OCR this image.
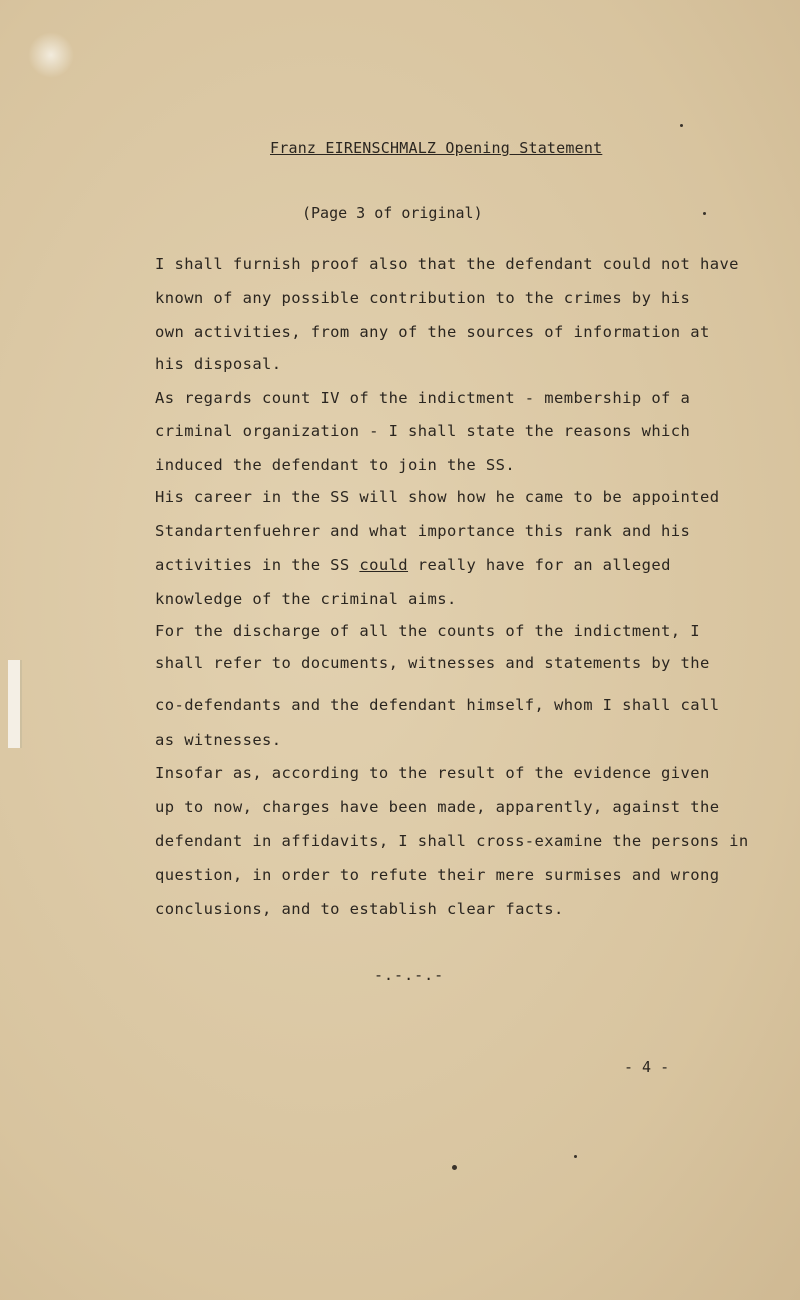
Franz EIRENSCHMALZ Opening Statement
(Page 3 of original)
I shall furnish proof also that the defendant could not have
known of any possible contribution to the crimes by his
own activities, from any of the sources of information at
his disposal.
As regards count IV of the indictment - membership of a
criminal organization - I shall state the reasons which
induced the defendant to join the SS.
His career in the SS will show how he came to be appointed
Standartenfuehrer and what importance this rank and his
activities in the SS could really have for an alleged
knowledge of the criminal aims.
For the discharge of all the counts of the indictment, I
shall refer to documents, witnesses and statements by the
co-defendants and the defendant himself, whom I shall call
as witnesses.
Insofar as, according to the result of the evidence given
up to now, charges have been made, apparently, against the
defendant in affidavits, I shall cross-examine the persons in
question, in order to refute their mere surmises and wrong
conclusions, and to establish clear facts.
-.-.-.-
- 4 -
